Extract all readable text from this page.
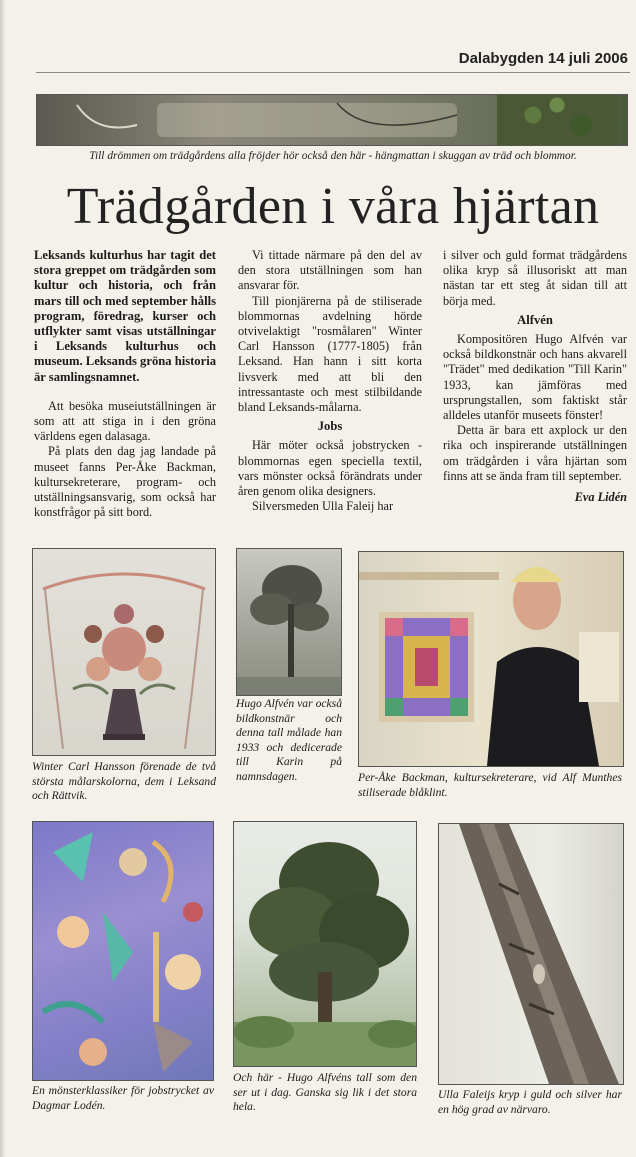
Dalabygden 14 juli 2006
Till drömmen om trädgårdens alla fröjder hör också den här - hängmattan i skuggan av träd och blommor.
Trädgården i våra hjärtan

Leksands kulturhus har tagit det stora greppet om trädgården som kultur och historia, och från mars till och med september hålls program, föredrag, kurser och utflykter samt visas utställningar i Leksands kulturhus och museum. Leksands gröna historia är samlingsnamnet.

Att besöka museiutställningen är som att att stiga in i den gröna världens egen dalasaga.

På plats den dag jag landade på museet fanns Per-Åke Backman, kultursekreterare, program- och utställningsansvarig, som också har konstfrågor på sitt bord.

Vi tittade närmare på den del av den stora utställningen som han ansvarar för.

Till pionjärerna på de stiliserade blommornas avdelning hörde otvivelaktigt "rosmålaren" Winter Carl Hansson (1777-1805) från Leksand. Han hann i sitt korta livsverk med att bli den intressantaste och mest stilbildande bland Leksands-målarna.

Jobs

Här möter också jobstrycken - blommornas egen speciella textil, vars mönster också förändrats under åren genom olika designers.

Silversmeden Ulla Faleij har

i silver och guld format trädgårdens olika kryp så illusoriskt att man nästan tar ett steg åt sidan till att börja med.

Alfvén

Kompositören Hugo Alfvén var också bildkonstnär och hans akvarell "Trädet" med dedikation "Till Karin" 1933, kan jämföras med ursprungstallen, som faktiskt står alldeles utanför museets fönster!

Detta är bara ett axplock ur den rika och inspirerande utställningen om trädgården i våra hjärtan som finns att se ända fram till september.

Eva Lidén

Winter Carl Hansson förenade de två största målarskolorna, dem i Leksand och Rättvik.
Hugo Alfvén var också bildkonstnär och denna tall målade han 1933 och dedicerade till Karin på namnsdagen.	Per-Åke Backman, kultursekreterare, vid Alf Munthes stiliserade blåklint.
En mönsterklassiker för jobstrycket av Dagmar Lodén.
Och här - Hugo Alfvéns tall som den ser ut i dag. Ganska sig lik i det stora hela.
Ulla Faleijs kryp i guld och silver har en hög grad av närvaro.
